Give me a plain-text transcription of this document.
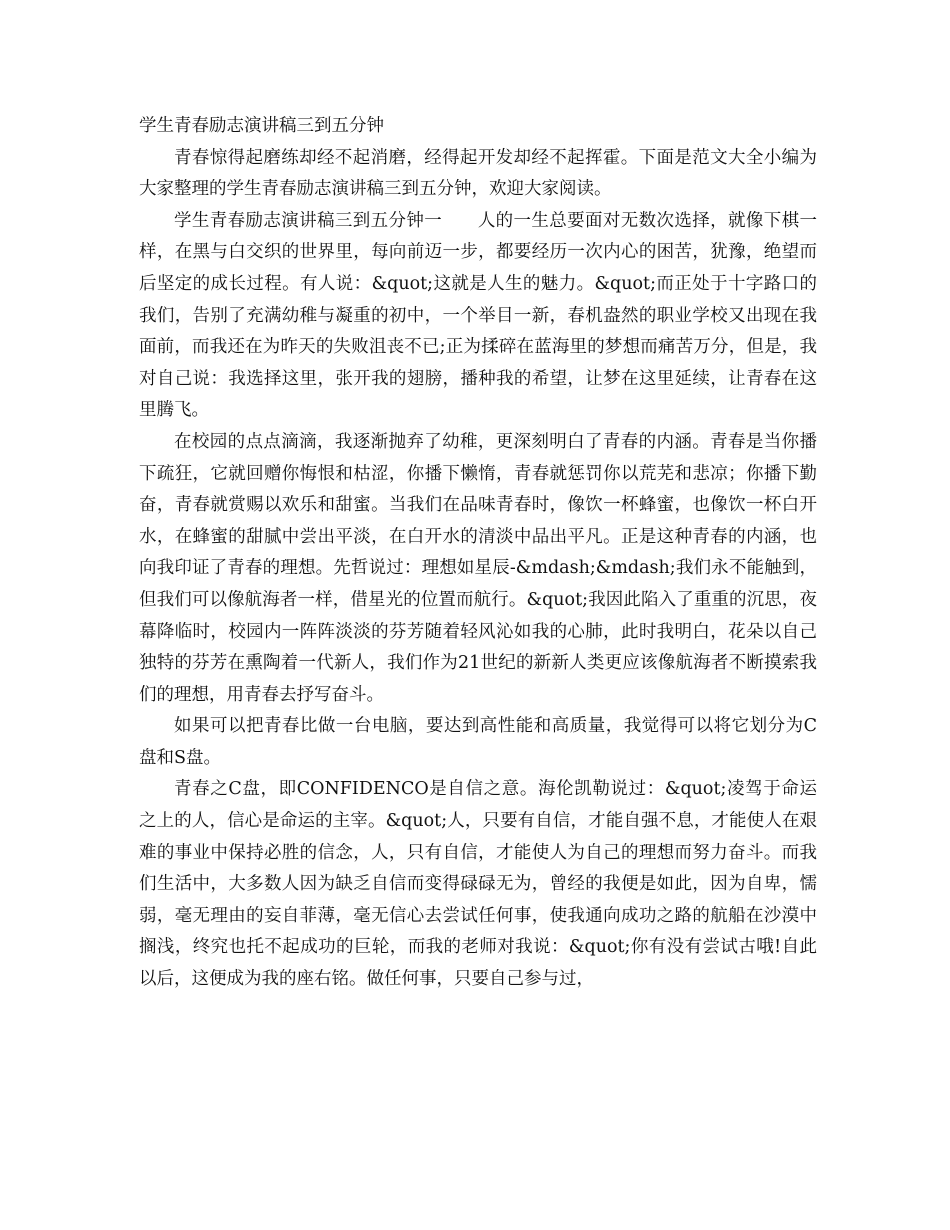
学生青春励志演讲稿三到五分钟

青春惊得起磨练却经不起消磨，经得起开发却经不起挥霍。下面是范文大全小编为大家整理的学生青春励志演讲稿三到五分钟，欢迎大家阅读。

学生青春励志演讲稿三到五分钟一　　人的一生总要面对无数次选择，就像下棋一样，在黑与白交织的世界里，每向前迈一步，都要经历一次内心的困苦，犹豫，绝望而后坚定的成长过程。有人说：&quot;这就是人生的魅力。&quot;而正处于十字路口的我们，告别了充满幼稚与凝重的初中，一个举目一新，春机盎然的职业学校又出现在我面前，而我还在为昨天的失败沮丧不已;正为揉碎在蓝海里的梦想而痛苦万分，但是，我对自己说：我选择这里，张开我的翅膀，播种我的希望，让梦在这里延续，让青春在这里腾飞。

在校园的点点滴滴，我逐渐抛弃了幼稚，更深刻明白了青春的内涵。青春是当你播下疏狂，它就回赠你悔恨和枯涩，你播下懒惰，青春就惩罚你以荒芜和悲凉；你播下勤奋，青春就赏赐以欢乐和甜蜜。当我们在品味青春时，像饮一杯蜂蜜，也像饮一杯白开水，在蜂蜜的甜腻中尝出平淡，在白开水的清淡中品出平凡。正是这种青春的内涵，也向我印证了青春的理想。先哲说过：理想如星辰-&mdash;&mdash;我们永不能触到，但我们可以像航海者一样，借星光的位置而航行。&quot;我因此陷入了重重的沉思，夜幕降临时，校园内一阵阵淡淡的芬芳随着轻风沁如我的心肺，此时我明白，花朵以自己独特的芬芳在熏陶着一代新人，我们作为21世纪的新新人类更应该像航海者不断摸索我们的理想，用青春去抒写奋斗。

如果可以把青春比做一台电脑，要达到高性能和高质量，我觉得可以将它划分为C盘和S盘。

青春之C盘，即CONFIDENCO是自信之意。海伦凯勒说过：&quot;凌驾于命运之上的人，信心是命运的主宰。&quot;人，只要有自信，才能自强不息，才能使人在艰难的事业中保持必胜的信念，人，只有自信，才能使人为自己的理想而努力奋斗。而我们生活中，大多数人因为缺乏自信而变得碌碌无为，曾经的我便是如此，因为自卑，懦弱，毫无理由的妄自菲薄，毫无信心去尝试任何事，使我通向成功之路的航船在沙漠中搁浅，终究也托不起成功的巨轮，而我的老师对我说：&quot;你有没有尝试古哦!自此以后，这便成为我的座右铭。做任何事，只要自己参与过，
